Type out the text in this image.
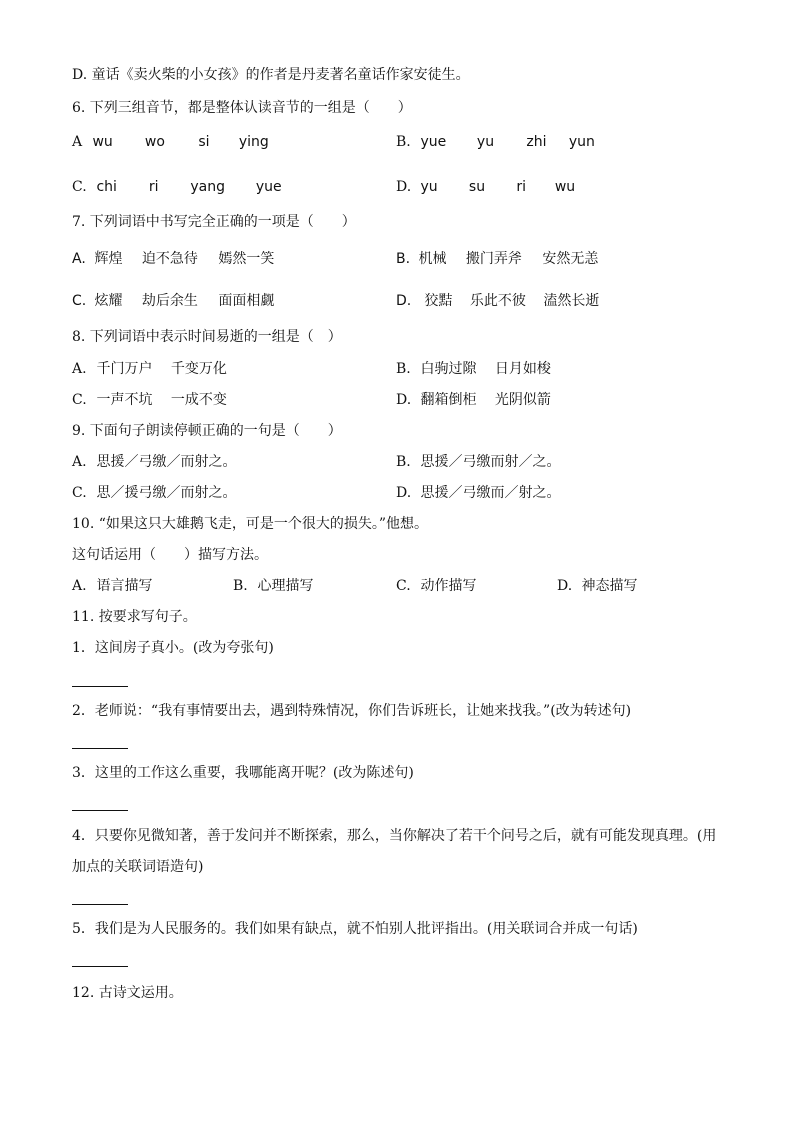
D. 童话《卖火柴的小女孩》的作者是丹麦著名童话作家安徒生。
6. 下列三组音节，都是整体认读音节的一组是（　　）
A wu wo si ying	B. yue yu zhi yun
C. chi ri yang yue	D. yu su ri wu
7. 下列词语中书写完全正确的一项是（　　）
A. 辉煌 迫不急待 嫣然一笑	B. 机械 搬门弄斧 安然无恙
C. 炫耀 劫后余生 面面相觑	D. 狡黠 乐此不彼 溘然长逝
8. 下列词语中表示时间易逝的一组是（　）
A. 千门万户 千变万化	B. 白驹过隙 日月如梭
C. 一声不坑 一成不变	D. 翻箱倒柜 光阴似箭
9. 下面句子朗读停顿正确的一句是（　　）
A. 思援／弓缴／而射之。	B. 思援／弓缴而射／之。
C. 思／援弓缴／而射之。	D. 思援／弓缴而／射之。
10. “如果这只大雄鹅飞走，可是一个很大的损失。”他想。
这句话运用（　　）描写方法。
A. 语言描写	B. 心理描写	C. 动作描写	D. 神态描写
11. 按要求写句子。
1．这间房子真小。(改为夸张句)
2．老师说：“我有事情要出去，遇到特殊情况，你们告诉班长，让她来找我。”(改为转述句)
3．这里的工作这么重要，我哪能离开呢？(改为陈述句)
4．只要你见微知著，善于发问并不断探索，那么，当你解决了若干个问号之后，就有可能发现真理。(用
加点的关联词语造句)
5．我们是为人民服务的。我们如果有缺点，就不怕别人批评指出。(用关联词合并成一句话)
12. 古诗文运用。
